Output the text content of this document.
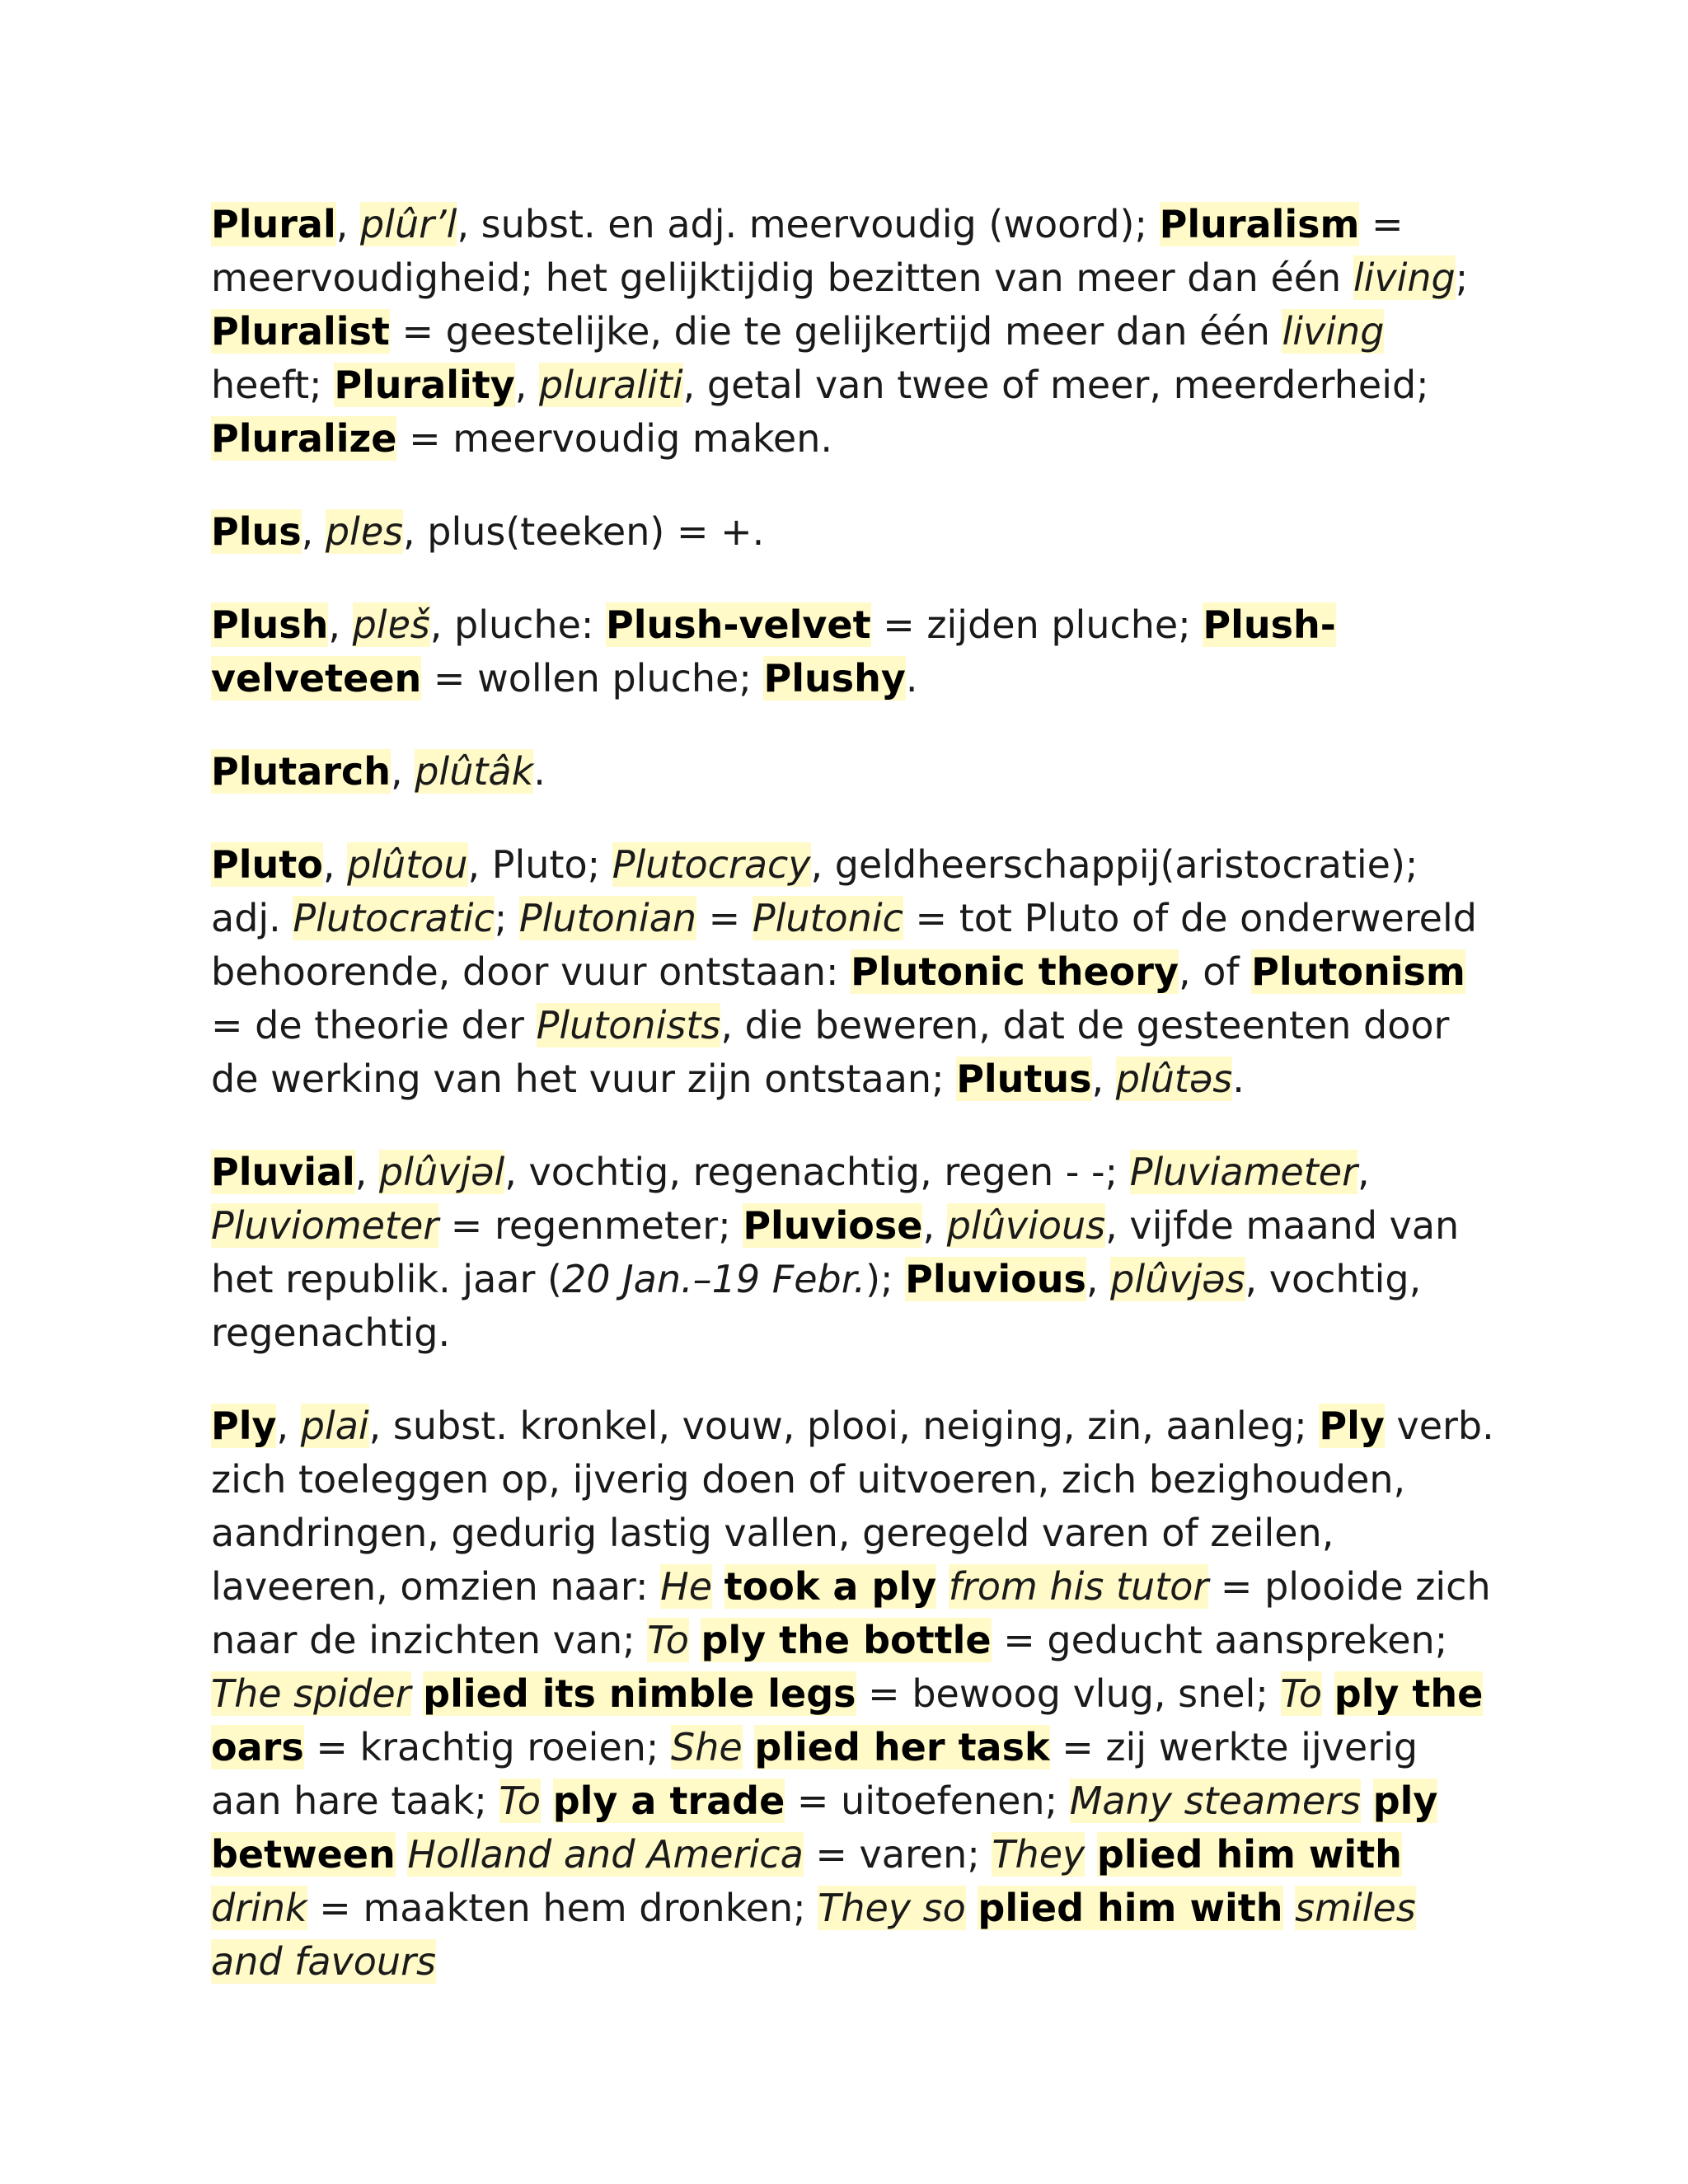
Plural, plûr’l, subst. en adj. meervoudig (woord); Pluralism = meervoudigheid; het gelijktijdig bezitten van meer dan één living; Pluralist = geestelijke, die te gelijkertijd meer dan één living heeft; Plurality, pluraliti, getal van twee of meer, meerderheid; Pluralize = meervoudig maken.

Plus, plɐs, plus(teeken) = +.

Plush, plɐš, pluche: Plush-velvet = zijden pluche; Plush-velveteen = wollen pluche; Plushy.

Plutarch, plûtâk.

Pluto, plûtou, Pluto; Plutocracy, geldheerschappij(aristocratie); adj. Plutocratic; Plutonian = Plutonic = tot Pluto of de onderwereld behoorende, door vuur ontstaan: Plutonic theory, of Plutonism = de theorie der Plutonists, die beweren, dat de gesteenten door de werking van het vuur zijn ontstaan; Plutus, plûtəs.

Pluvial, plûvjəl, vochtig, regenachtig, regen - -; Pluviameter, Pluviometer = regenmeter; Pluviose, plûvious, vijfde maand van het republik. jaar (20 Jan.–19 Febr.); Pluvious, plûvjəs, vochtig, regenachtig.

Ply, plai, subst. kronkel, vouw, plooi, neiging, zin, aanleg; Ply verb. zich toeleggen op, ijverig doen of uitvoeren, zich bezighouden, aandringen, gedurig lastig vallen, geregeld varen of zeilen, laveeren, omzien naar: He took a ply from his tutor = plooide zich naar de inzichten van; To ply the bottle = geducht aanspreken; The spider plied its nimble legs = bewoog vlug, snel; To ply the oars = krachtig roeien; She plied her task = zij werkte ijverig aan hare taak; To ply a trade = uitoefenen; Many steamers ply between Holland and America = varen; They plied him with drink = maakten hem dronken; They so plied him with smiles and favours
